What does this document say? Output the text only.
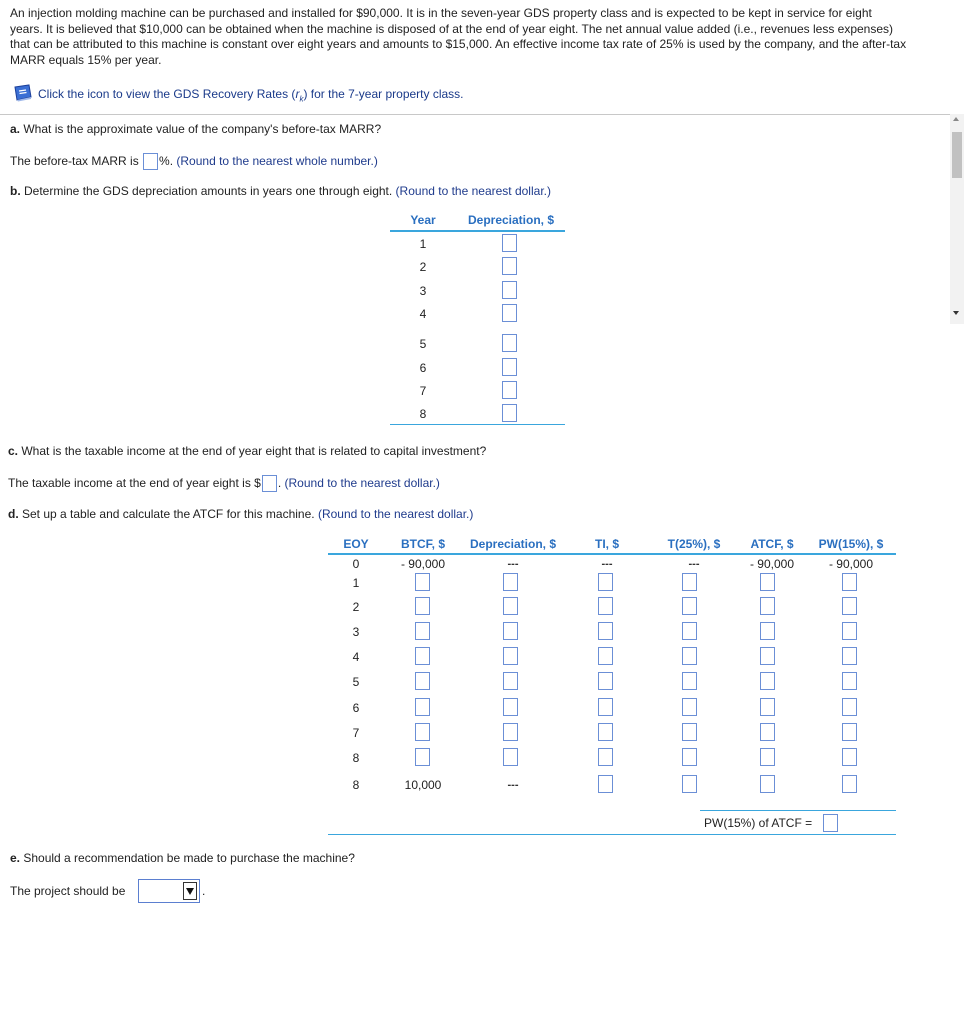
An injection molding machine can be purchased and installed for $90,000. It is in the seven-year GDS property class and is expected to be kept in service for eight
years. It is believed that $10,000 can be obtained when the machine is disposed of at the end of year eight. The net annual value added (i.e., revenues less expenses)
that can be attributed to this machine is constant over eight years and amounts to $15,000. An effective income tax rate of 25% is used by the company, and the after-tax
MARR equals 15% per year.
Click the icon to view the GDS Recovery Rates $(r_k)$ for the 7-year property class.
a. What is the approximate value of the company's before-tax MARR?
The before-tax MARR is %. (Round to the nearest whole number.)
b. Determine the GDS depreciation amounts in years one through eight. (Round to the nearest dollar.)
Year	Depreciation, $
1
2
3
4
5
6
7
8
c. What is the taxable income at the end of year eight that is related to capital investment?
The taxable income at the end of year eight is $ . (Round to the nearest dollar.)
d. Set up a table and calculate the ATCF for this machine. (Round to the nearest dollar.)
EOY	BTCF, $	Depreciation, $	TI, $	T(25%), $	ATCF, $	PW(15%), $
0	- 90,000	---	---	---	- 90,000	- 90,000
1
2
3
4
5
6
7
8
8	10,000	---
PW(15%) of ATCF =
e. Should a recommendation be made to purchase the machine?
The project should be	.
